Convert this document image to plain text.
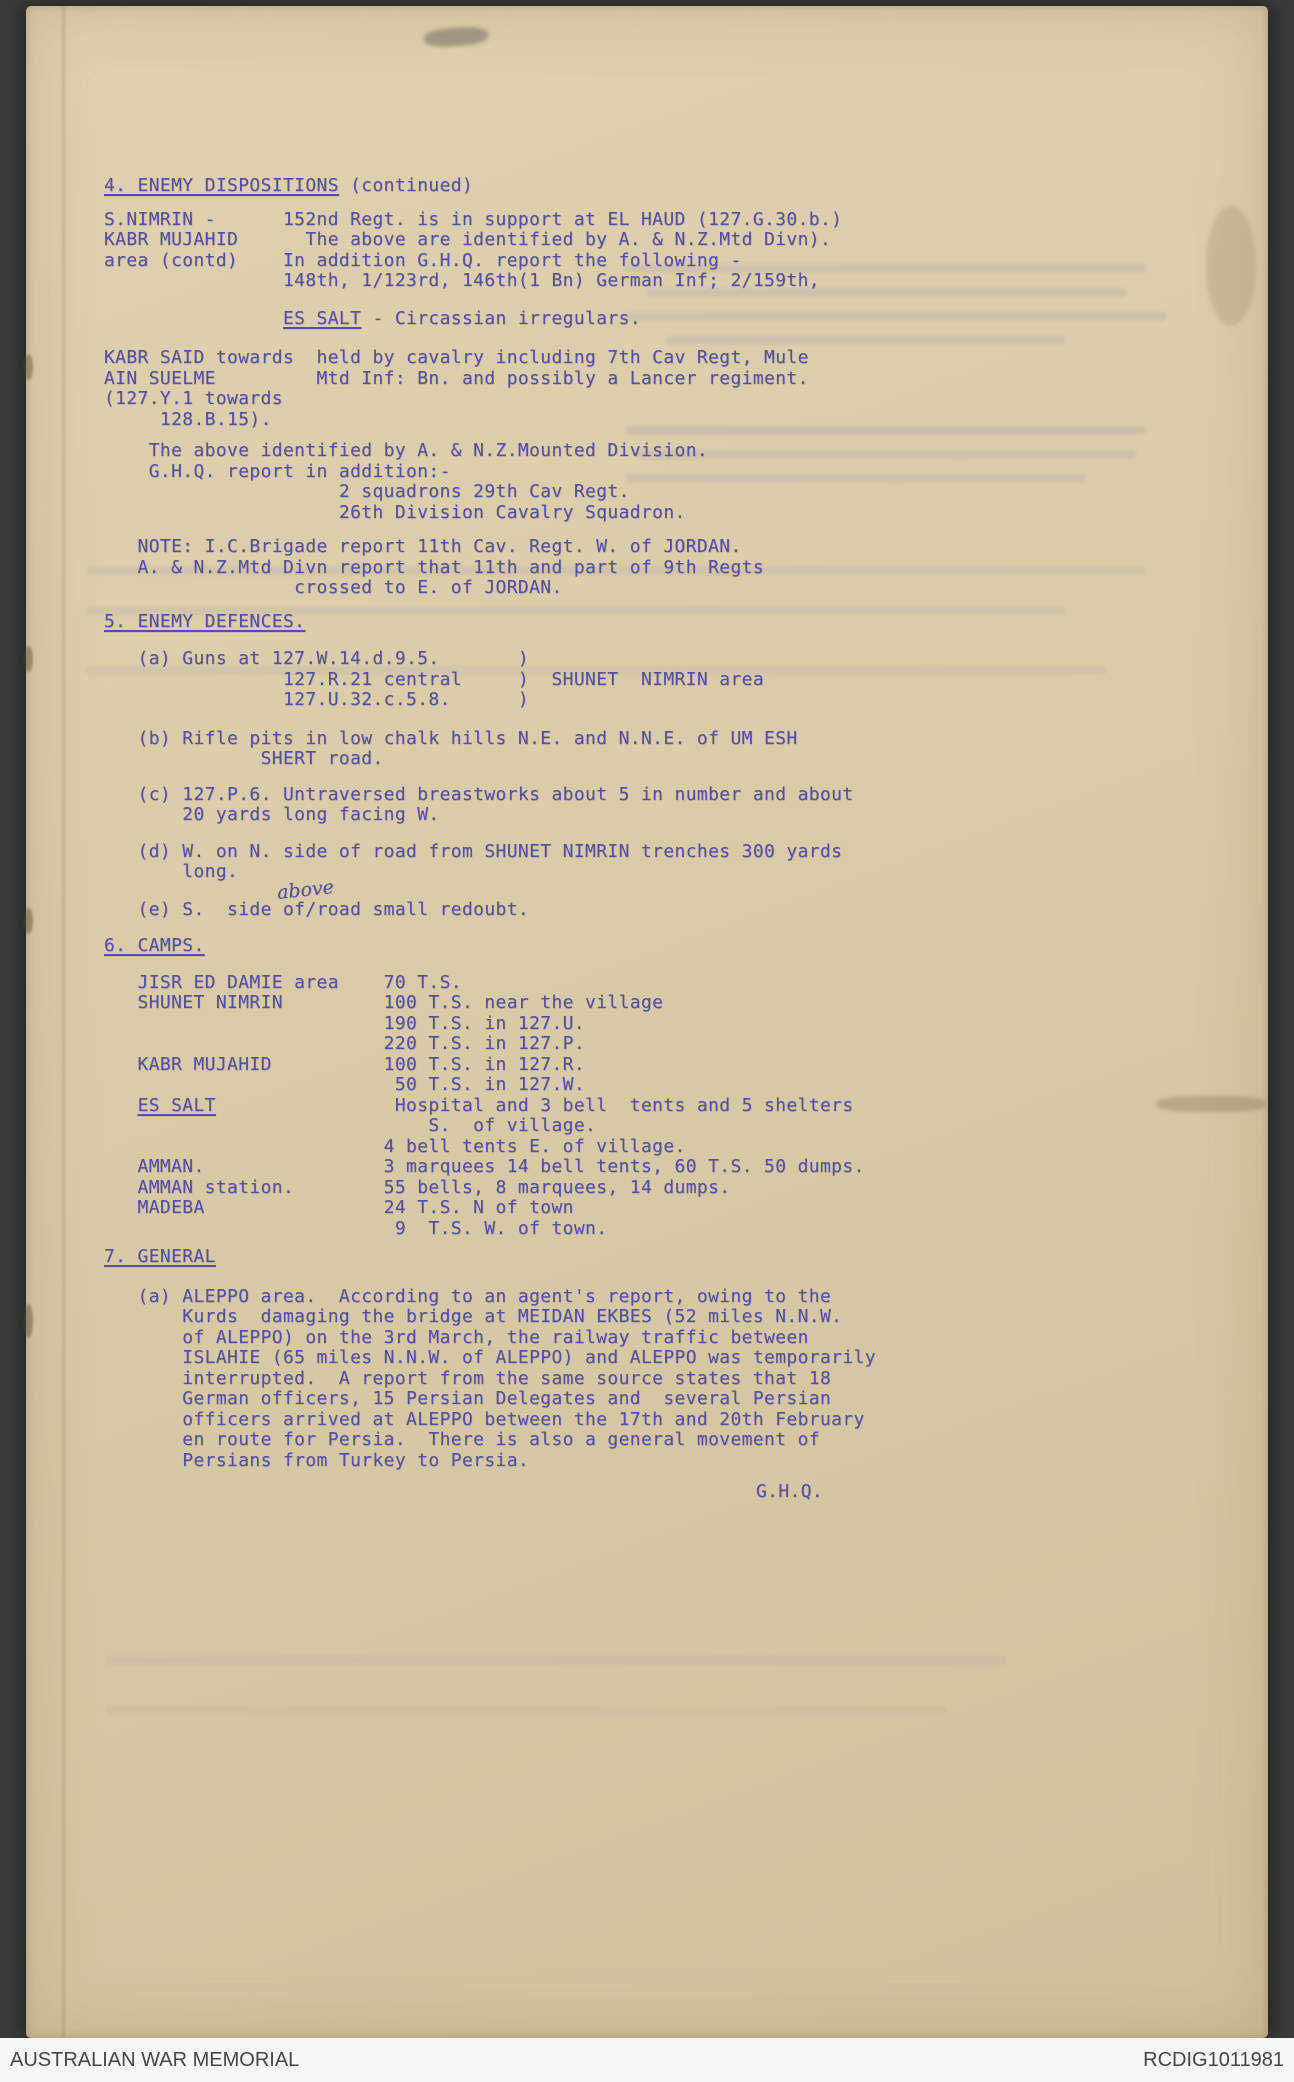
4. ENEMY DISPOSITIONS (continued)
S.NIMRIN -      152nd Regt. is in support at EL HAUD (127.G.30.b.)
KABR MUJAHID      The above are identified by A. & N.Z.Mtd Divn).
area (contd)    In addition G.H.Q. report the following -
148th, 1/123rd, 146th(1 Bn) German Inf; 2/159th,
ES SALT - Circassian irregulars.
KABR SAID towards  held by cavalry including 7th Cav Regt, Mule
AIN SUELME         Mtd Inf: Bn. and possibly a Lancer regiment.
(127.Y.1 towards
128.B.15).
The above identified by A. & N.Z.Mounted Division.
G.H.Q. report in addition:-
2 squadrons 29th Cav Regt.
26th Division Cavalry Squadron.
NOTE: I.C.Brigade report 11th Cav. Regt. W. of JORDAN.
A. & N.Z.Mtd Divn report that 11th and part of 9th Regts
crossed to E. of JORDAN.
5. ENEMY DEFENCES.
(a) Guns at 127.W.14.d.9.5.       )
127.R.21 central     )  SHUNET  NIMRIN area
127.U.32.c.5.8.      )
(b) Rifle pits in low chalk hills N.E. and N.N.E. of UM ESH
SHERT road.
(c) 127.P.6. Untraversed breastworks about 5 in number and about
20 yards long facing W.
(d) W. on N. side of road from SHUNET NIMRIN trenches 300 yards
long.
(e) S.  side of
above
/road small redoubt.
6. CAMPS.
JISR ED DAMIE area    70 T.S.
SHUNET NIMRIN         100 T.S. near the village
190 T.S. in 127.U.
220 T.S. in 127.P.
KABR MUJAHID          100 T.S. in 127.R.
50 T.S. in 127.W.
ES SALT                Hospital and 3 bell  tents and 5 shelters
S.  of village.
4 bell tents E. of village.
AMMAN.                3 marquees 14 bell tents, 60 T.S. 50 dumps.
AMMAN station.        55 bells, 8 marquees, 14 dumps.
MADEBA                24 T.S. N of town
9  T.S. W. of town.
7. GENERAL
(a) ALEPPO area.  According to an agent's report, owing to the
Kurds  damaging the bridge at MEIDAN EKBES (52 miles N.N.W.
of ALEPPO) on the 3rd March, the railway traffic between
ISLAHIE (65 miles N.N.W. of ALEPPO) and ALEPPO was temporarily
interrupted.  A report from the same source states that 18
German officers, 15 Persian Delegates and  several Persian
officers arrived at ALEPPO between the 17th and 20th February
en route for Persia.  There is also a general movement of
Persians from Turkey to Persia.
G.H.Q.
AUSTRALIAN WAR MEMORIAL	RCDIG1011981
